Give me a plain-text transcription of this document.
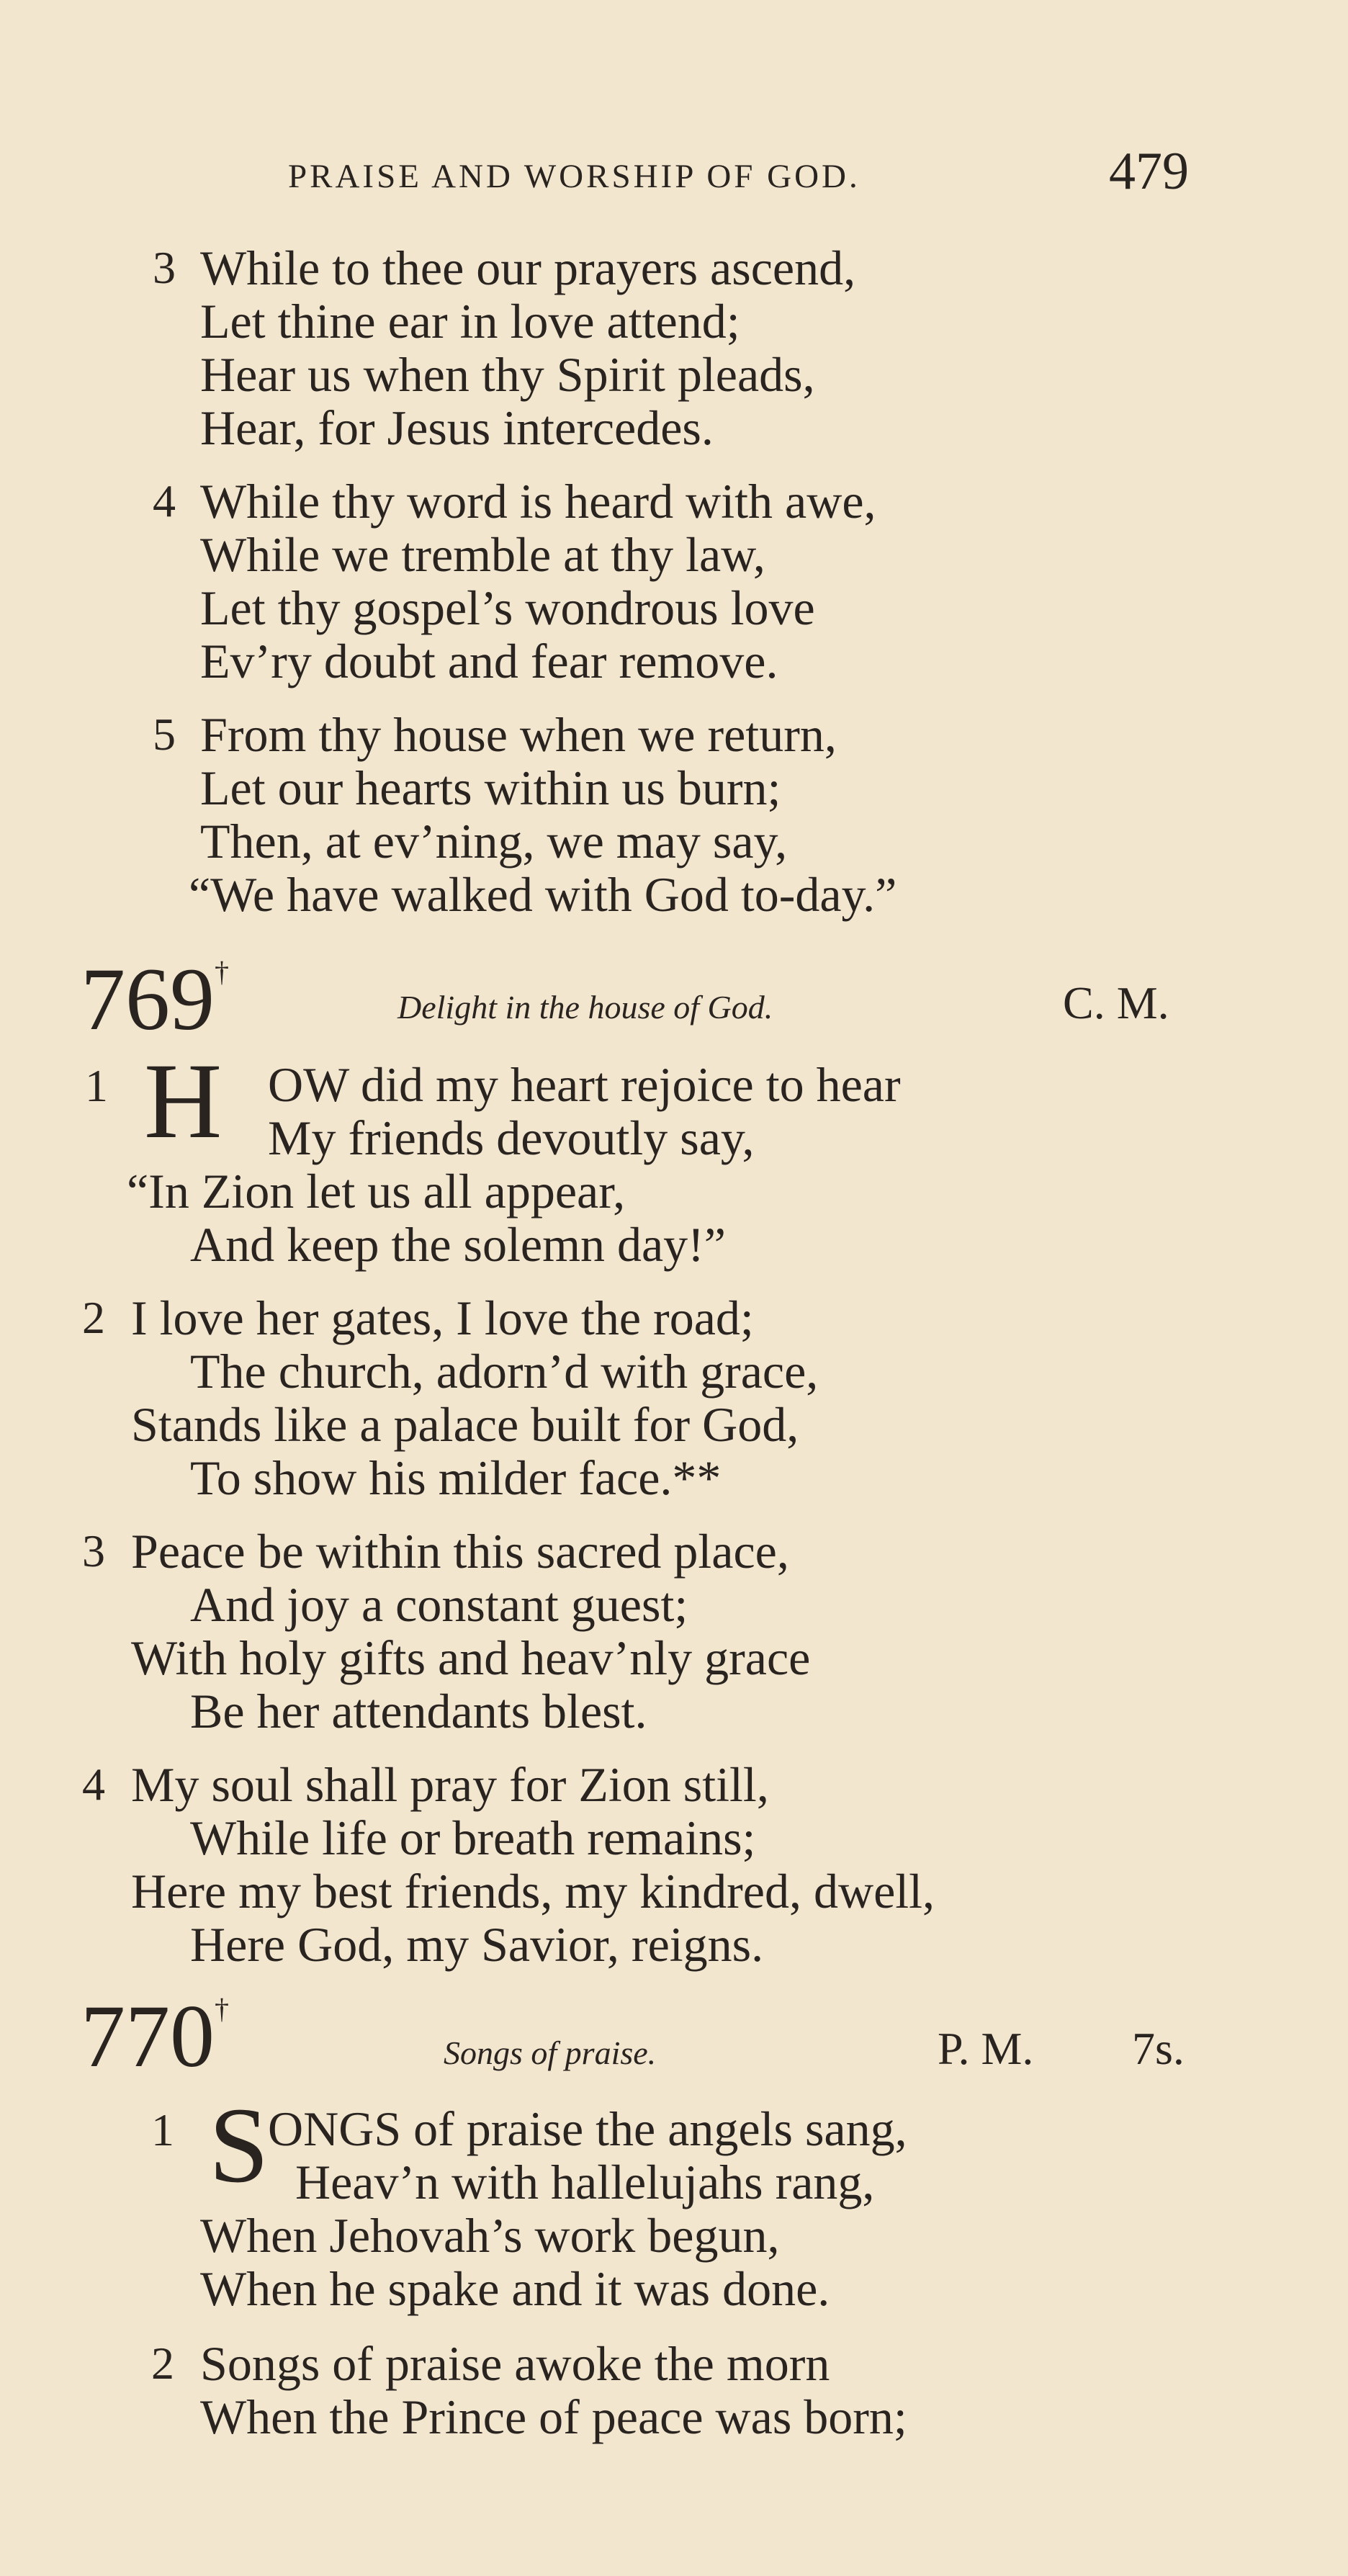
PRAISE AND WORSHIP OF GOD.	479
3 While to thee our prayers ascend,
Let thine ear in love attend;
Hear us when thy Spirit pleads,
Hear, for Jesus intercedes.
4 While thy word is heard with awe,
While we tremble at thy law,
Let thy gospel’s wondrous love
Ev’ry doubt and fear remove.
5 From thy house when we return,
Let our hearts within us burn;
Then, at ev’ning, we may say,
“We have walked with God to-day.”
769†
Delight in the house of God.	C. M.
1 H OW did my heart rejoice to hear
My friends devoutly say,
“In Zion let us all appear,
And keep the solemn day!”
2 I love her gates, I love the road;
The church, adorn’d with grace,
Stands like a palace built for God,
To show his milder face.**
3 Peace be within this sacred place,
And joy a constant guest;
With holy gifts and heav’nly grace
Be her attendants blest.
4 My soul shall pray for Zion still,
While life or breath remains;
Here my best friends, my kindred, dwell,
Here God, my Savior, reigns.
770†
Songs of praise.	P. M. 7s.
1 S
ONGS of praise the angels sang,
Heav’n with hallelujahs rang,
When Jehovah’s work begun,
When he spake and it was done.
2 Songs of praise awoke the morn
When the Prince of peace was born;
